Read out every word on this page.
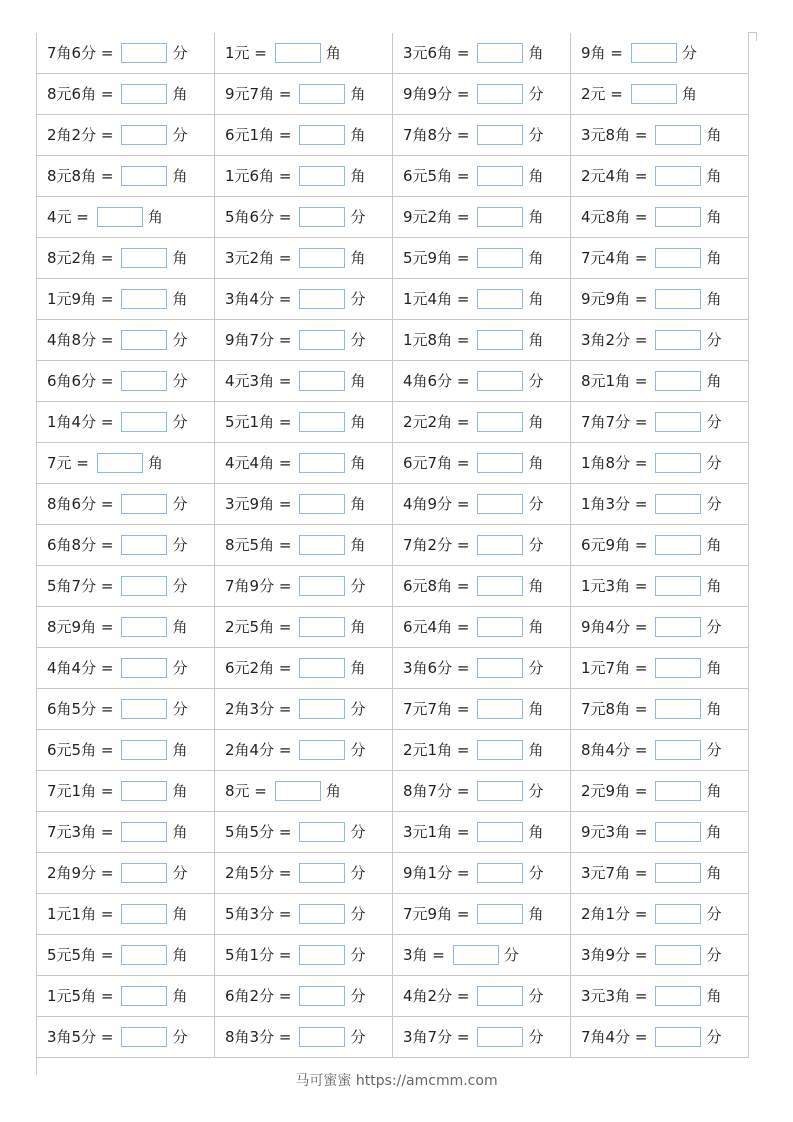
7角6分 =	分	1元 =	角	3元6角 =	角	9角 =	分
8元6角 =	角	9元7角 =	角	9角9分 =	分	2元 =	角
2角2分 =	分	6元1角 =	角	7角8分 =	分	3元8角 =	角
8元8角 =	角	1元6角 =	角	6元5角 =	角	2元4角 =	角
4元 =	角	5角6分 =	分	9元2角 =	角	4元8角 =	角
8元2角 =	角	3元2角 =	角	5元9角 =	角	7元4角 =	角
1元9角 =	角	3角4分 =	分	1元4角 =	角	9元9角 =	角
4角8分 =	分	9角7分 =	分	1元8角 =	角	3角2分 =	分
6角6分 =	分	4元3角 =	角	4角6分 =	分	8元1角 =	角
1角4分 =	分	5元1角 =	角	2元2角 =	角	7角7分 =	分
7元 =	角	4元4角 =	角	6元7角 =	角	1角8分 =	分
8角6分 =	分	3元9角 =	角	4角9分 =	分	1角3分 =	分
6角8分 =	分	8元5角 =	角	7角2分 =	分	6元9角 =	角
5角7分 =	分	7角9分 =	分	6元8角 =	角	1元3角 =	角
8元9角 =	角	2元5角 =	角	6元4角 =	角	9角4分 =	分
4角4分 =	分	6元2角 =	角	3角6分 =	分	1元7角 =	角
6角5分 =	分	2角3分 =	分	7元7角 =	角	7元8角 =	角
6元5角 =	角	2角4分 =	分	2元1角 =	角	8角4分 =	分
7元1角 =	角	8元 =	角	8角7分 =	分	2元9角 =	角
7元3角 =	角	5角5分 =	分	3元1角 =	角	9元3角 =	角
2角9分 =	分	2角5分 =	分	9角1分 =	分	3元7角 =	角
1元1角 =	角	5角3分 =	分	7元9角 =	角	2角1分 =	分
5元5角 =	角	5角1分 =	分	3角 =	分	3角9分 =	分
1元5角 =	角	6角2分 =	分	4角2分 =	分	3元3角 =	角
3角5分 =	分	8角3分 =	分	3角7分 =	分	7角4分 =	分
马可蜜蜜 https://amcmm.com
